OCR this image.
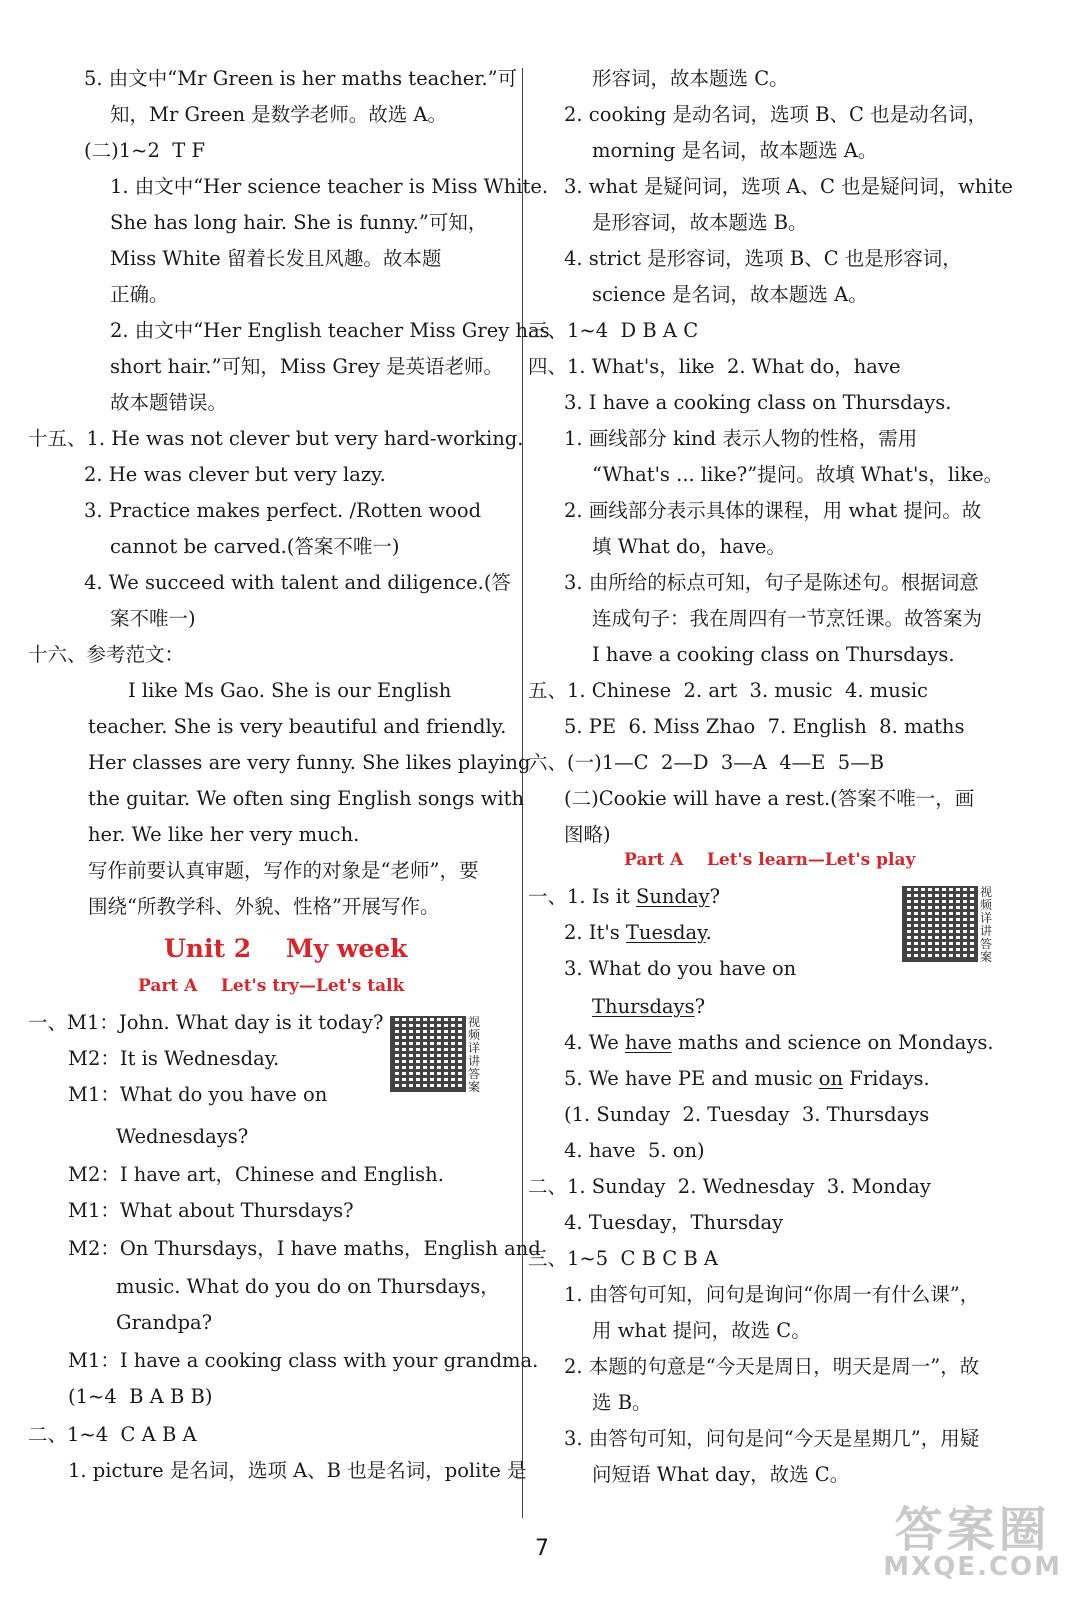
5. 由文中“Mr Green is her maths teacher.”可
知，Mr Green 是数学老师。故选 A。
(二)1~2  T F
1. 由文中“Her science teacher is Miss White.
She has long hair. She is funny.”可知，
Miss White 留着长发且风趣。故本题
正确。
2. 由文中“Her English teacher Miss Grey has
short hair.”可知，Miss Grey 是英语老师。
故本题错误。
十五、1. He was not clever but very hard-working.
2. He was clever but very lazy.
3. Practice makes perfect. /Rotten wood
cannot be carved.(答案不唯一)
4. We succeed with talent and diligence.(答
案不唯一)
十六、参考范文：
I like Ms Gao. She is our English
teacher. She is very beautiful and friendly.
Her classes are very funny. She likes playing
the guitar. We often sing English songs with
her. We like her very much.
写作前要认真审题，写作的对象是“老师”，要
围绕“所教学科、外貌、性格”开展写作。
Unit 2    My week
Part A    Let's try—Let's talk
一、M1：John. What day is it today?
M2：It is Wednesday.
M1：What do you have on
Wednesdays?
M2：I have art，Chinese and English.
M1：What about Thursdays?
M2：On Thursdays，I have maths，English and
music. What do you do on Thursdays，
Grandpa?
M1：I have a cooking class with your grandma.
(1~4  B A B B)
二、1~4  C A B A
1. picture 是名词，选项 A、B 也是名词，polite 是
视频详讲答案
形容词，故本题选 C。
2. cooking 是动名词，选项 B、C 也是动名词，
morning 是名词，故本题选 A。
3. what 是疑问词，选项 A、C 也是疑问词，white
是形容词，故本题选 B。
4. strict 是形容词，选项 B、C 也是形容词，
science 是名词，故本题选 A。
三、1~4  D B A C
四、1. What's，like  2. What do，have
3. I have a cooking class on Thursdays.
1. 画线部分 kind 表示人物的性格，需用
“What's ... like?”提问。故填 What's，like。
2. 画线部分表示具体的课程，用 what 提问。故
填 What do，have。
3. 由所给的标点可知，句子是陈述句。根据词意
连成句子：我在周四有一节烹饪课。故答案为
I have a cooking class on Thursdays.
五、1. Chinese  2. art  3. music  4. music
5. PE  6. Miss Zhao  7. English  8. maths
六、(一)1—C  2—D  3—A  4—E  5—B
(二)Cookie will have a rest.(答案不唯一，画
图略)
Part A    Let's learn—Let's play
一、1. Is it Sunday?
2. It's Tuesday.
3. What do you have on
Thursdays?
4. We have maths and science on Mondays.
5. We have PE and music on Fridays.
(1. Sunday  2. Tuesday  3. Thursdays
4. have  5. on)
二、1. Sunday  2. Wednesday  3. Monday
4. Tuesday，Thursday
三、1~5  C B C B A
1. 由答句可知，问句是询问“你周一有什么课”，
用 what 提问，故选 C。
2. 本题的句意是“今天是周日，明天是周一”，故
选 B。
3. 由答句可知，问句是问“今天是星期几”，用疑
问短语 What day，故选 C。
视频详讲答案
7	答案圈
MXQE.COM
